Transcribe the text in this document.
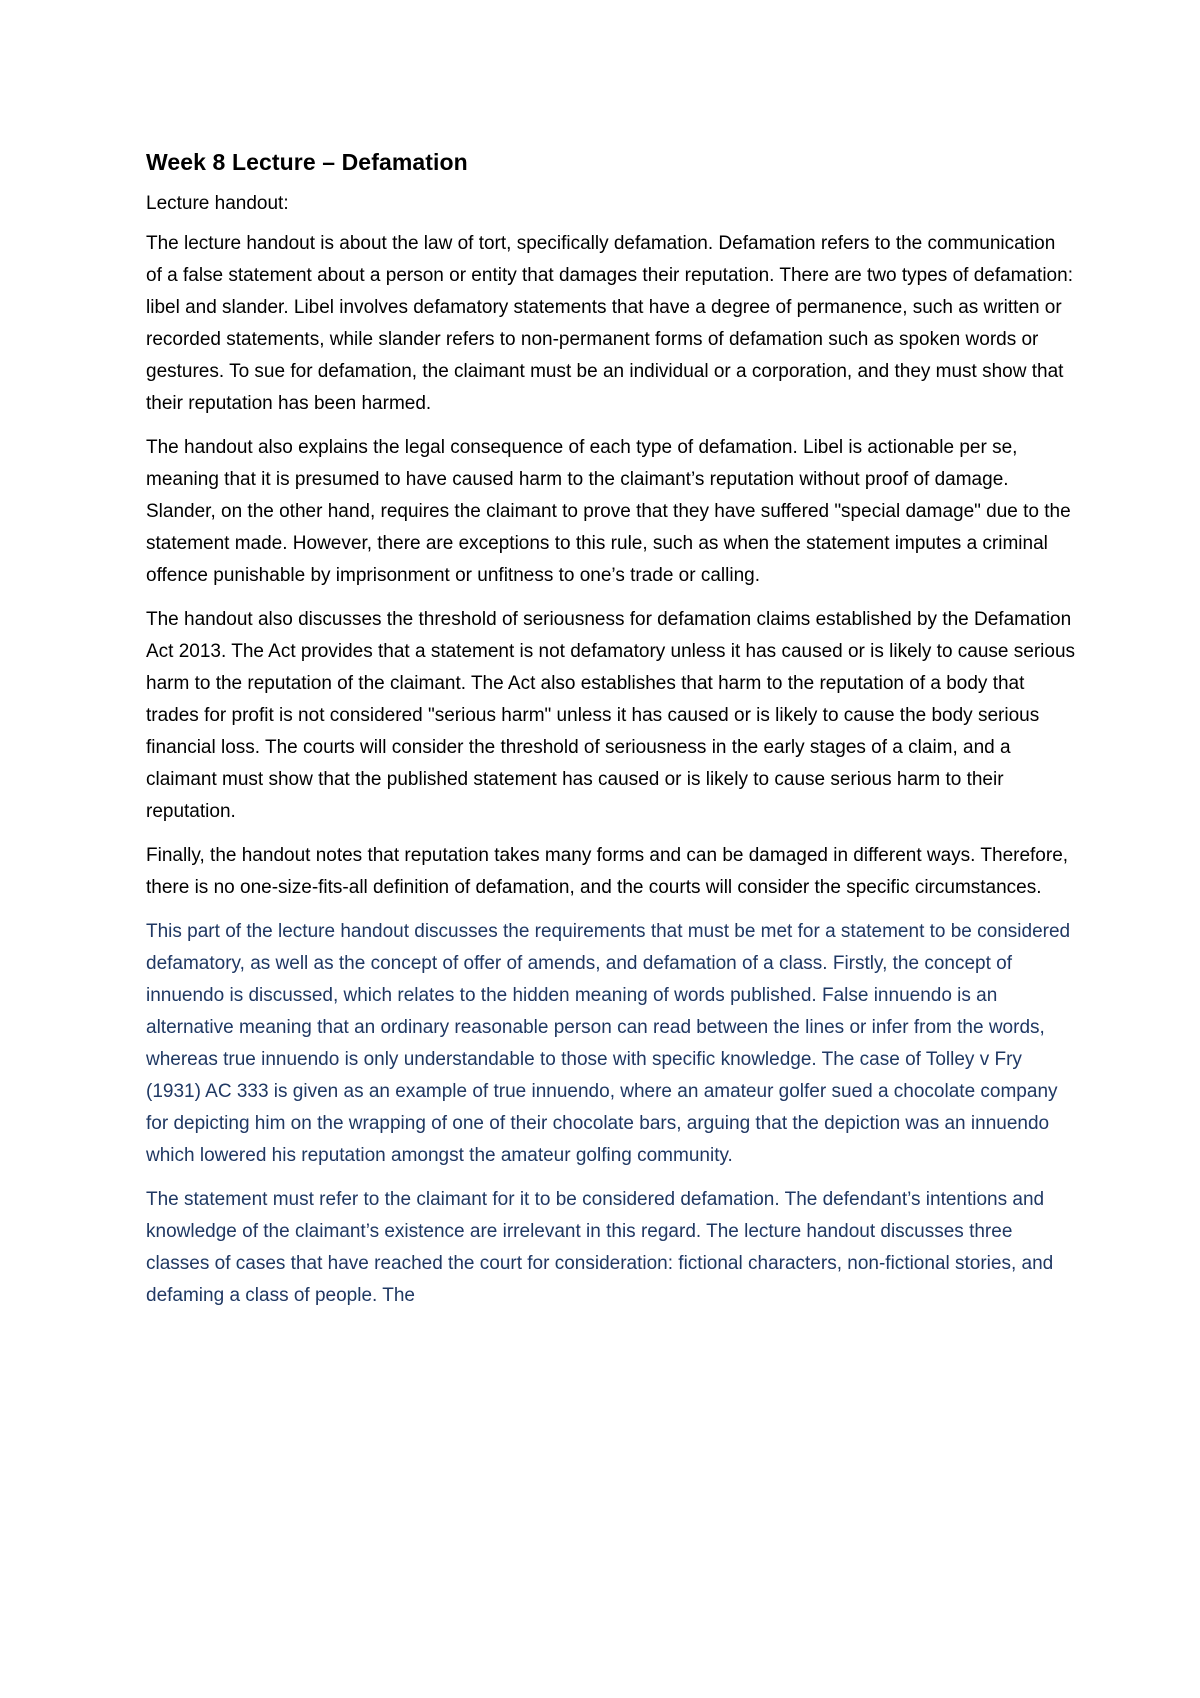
Week 8 Lecture – Defamation
Lecture handout:

The lecture handout is about the law of tort, specifically defamation. Defamation refers to the communication of a false statement about a person or entity that damages their reputation. There are two types of defamation: libel and slander. Libel involves defamatory statements that have a degree of permanence, such as written or recorded statements, while slander refers to non-permanent forms of defamation such as spoken words or gestures. To sue for defamation, the claimant must be an individual or a corporation, and they must show that their reputation has been harmed.

The handout also explains the legal consequence of each type of defamation. Libel is actionable per se, meaning that it is presumed to have caused harm to the claimant’s reputation without proof of damage. Slander, on the other hand, requires the claimant to prove that they have suffered "special damage" due to the statement made. However, there are exceptions to this rule, such as when the statement imputes a criminal offence punishable by imprisonment or unfitness to one’s trade or calling.

The handout also discusses the threshold of seriousness for defamation claims established by the Defamation Act 2013. The Act provides that a statement is not defamatory unless it has caused or is likely to cause serious harm to the reputation of the claimant. The Act also establishes that harm to the reputation of a body that trades for profit is not considered "serious harm" unless it has caused or is likely to cause the body serious financial loss. The courts will consider the threshold of seriousness in the early stages of a claim, and a claimant must show that the published statement has caused or is likely to cause serious harm to their reputation.

Finally, the handout notes that reputation takes many forms and can be damaged in different ways. Therefore, there is no one-size-fits-all definition of defamation, and the courts will consider the specific circumstances.

This part of the lecture handout discusses the requirements that must be met for a statement to be considered defamatory, as well as the concept of offer of amends, and defamation of a class. Firstly, the concept of innuendo is discussed, which relates to the hidden meaning of words published. False innuendo is an alternative meaning that an ordinary reasonable person can read between the lines or infer from the words, whereas true innuendo is only understandable to those with specific knowledge. The case of Tolley v Fry (1931) AC 333 is given as an example of true innuendo, where an amateur golfer sued a chocolate company for depicting him on the wrapping of one of their chocolate bars, arguing that the depiction was an innuendo which lowered his reputation amongst the amateur golfing community.

The statement must refer to the claimant for it to be considered defamation. The defendant’s intentions and knowledge of the claimant’s existence are irrelevant in this regard. The lecture handout discusses three classes of cases that have reached the court for consideration: fictional characters, non-fictional stories, and defaming a class of people. The
